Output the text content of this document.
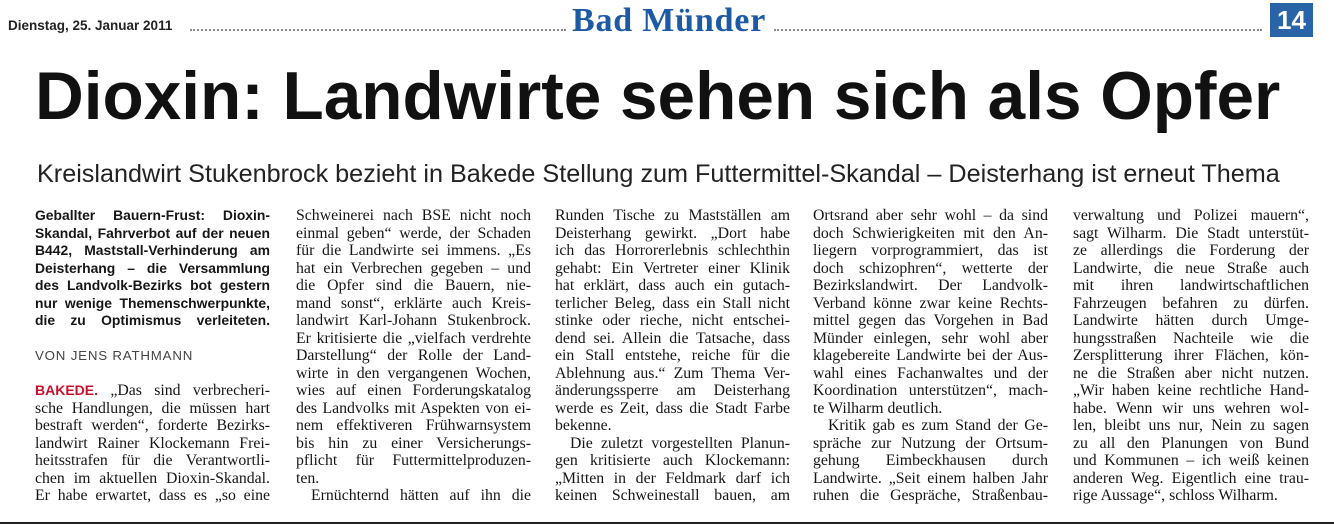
Dienstag, 25. Januar 2011	Bad Münder	14
Dioxin: Landwirte sehen sich als Opfer
Kreislandwirt Stukenbrock bezieht in Bakede Stellung zum Futtermittel-Skandal – Deisterhang ist erneut Thema
Geballter Bauern-Frust: Dioxin-
Skandal, Fahrverbot auf der neuen
B442, Maststall-Verhinderung am
Deisterhang – die Versammlung
des Landvolk-Bezirks bot gestern
nur wenige Themenschwerpunkte,
die zu Optimismus verleiteten.
VON JENS RATHMANN
BAKEDE. „Das sind verbrecheri-
sche Handlungen, die müssen hart
bestraft werden“, forderte Bezirks-
landwirt Rainer Klockemann Frei-
heitsstrafen für die Verantwortli-
chen im aktuellen Dioxin-Skandal.
Er habe erwartet, dass es „so eine
Schweinerei nach BSE nicht noch
einmal geben“ werde, der Schaden
für die Landwirte sei immens. „Es
hat ein Verbrechen gegeben – und
die Opfer sind die Bauern, nie-
mand sonst“, erklärte auch Kreis-
landwirt Karl-Johann Stukenbrock.
Er kritisierte die „vielfach verdrehte
Darstellung“ der Rolle der Land-
wirte in den vergangenen Wochen,
wies auf einen Forderungskatalog
des Landvolks mit Aspekten von ei-
nem effektiveren Frühwarnsystem
bis hin zu einer Versicherungs-
pflicht für Futtermittelproduzen-
ten.
Ernüchternd hätten auf ihn die
Runden Tische zu Mastställen am
Deisterhang gewirkt. „Dort habe
ich das Horrorerlebnis schlechthin
gehabt: Ein Vertreter einer Klinik
hat erklärt, dass auch ein gutach-
terlicher Beleg, dass ein Stall nicht
stinke oder rieche, nicht entschei-
dend sei. Allein die Tatsache, dass
ein Stall entstehe, reiche für die
Ablehnung aus.“ Zum Thema Ver-
änderungssperre am Deisterhang
werde es Zeit, dass die Stadt Farbe
bekenne.
Die zuletzt vorgestellten Planun-
gen kritisierte auch Klockemann:
„Mitten in der Feldmark darf ich
keinen Schweinestall bauen, am
Ortsrand aber sehr wohl – da sind
doch Schwierigkeiten mit den An-
liegern vorprogrammiert, das ist
doch schizophren“, wetterte der
Bezirkslandwirt. Der Landvolk-
Verband könne zwar keine Rechts-
mittel gegen das Vorgehen in Bad
Münder einlegen, sehr wohl aber
klagebereite Landwirte bei der Aus-
wahl eines Fachanwaltes und der
Koordination unterstützen“, mach-
te Wilharm deutlich.
Kritik gab es zum Stand der Ge-
spräche zur Nutzung der Ortsum-
gehung Eimbeckhausen durch
Landwirte. „Seit einem halben Jahr
ruhen die Gespräche, Straßenbau-
verwaltung und Polizei mauern“,
sagt Wilharm. Die Stadt unterstüt-
ze allerdings die Forderung der
Landwirte, die neue Straße auch
mit ihren landwirtschaftlichen
Fahrzeugen befahren zu dürfen.
Landwirte hätten durch Umge-
hungsstraßen Nachteile wie die
Zersplitterung ihrer Flächen, kön-
ne die Straßen aber nicht nutzen.
„Wir haben keine rechtliche Hand-
habe. Wenn wir uns wehren wol-
len, bleibt uns nur, Nein zu sagen
zu all den Planungen von Bund
und Kommunen – ich weiß keinen
anderen Weg. Eigentlich eine trau-
rige Aussage“, schloss Wilharm.
